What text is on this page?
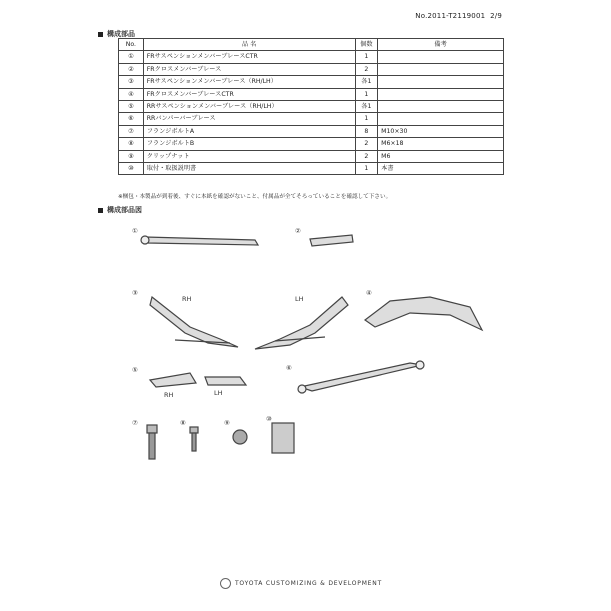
No.2011-T2119001 2/9
構成部品
No.	品 名	個数	備考
①	FRサスペンションメンバーブレースCTR	1	
②	FRクロスメンバーブレース	2	
③	FRサスペンションメンバーブレース（RH/LH）	各1	
④	FRクロスメンバーブレースCTR	1	
⑤	RRサスペンションメンバーブレース（RH/LH）	各1	
⑥	RRバンパーバーブレース	1	
⑦	フランジボルトA	8	M10×30
⑧	フランジボルトB	2	M6×18
⑨	クリップナット	2	M6
⑩	取付・取扱説明書	1	本書
※梱包・本製品が到着後、すぐに本紙を確認がないこと、付属品が全てそろっていることを確認して下さい。
構成部品図
①	②
③
RH	LH
④
⑤
RH	LH
⑥
⑦	⑧	⑨	⑩
TOYOTA CUSTOMIZING & DEVELOPMENT
